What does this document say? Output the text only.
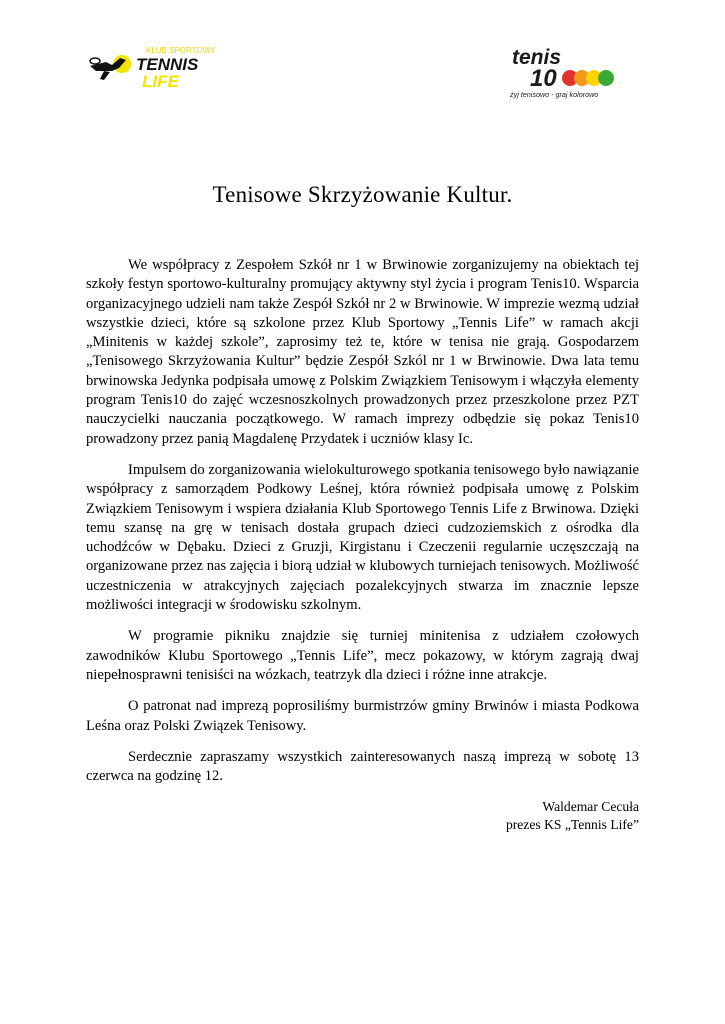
KLUB SPORTOWY
TENNIS
LIFE
tenis
10
żyj tenisowo - graj kolorowo
Tenisowe Skrzyżowanie Kultur.

We współpracy z Zespołem Szkół nr 1 w Brwinowie zorganizujemy na obiektach tej szkoły festyn sportowo-kulturalny promujący aktywny styl życia i program Tenis10. Wsparcia organizacyjnego udzieli nam także Zespół Szkół nr 2 w Brwinowie. W imprezie wezmą udział wszystkie dzieci, które są szkolone przez Klub Sportowy „Tennis Life” w ramach akcji „Minitenis w każdej szkole”, zaprosimy też te, które w tenisa nie grają. Gospodarzem „Tenisowego Skrzyżowania Kultur” będzie Zespół Szkól nr 1 w Brwinowie. Dwa lata temu brwinowska Jedynka podpisała umowę z Polskim Związkiem Tenisowym i włączyła elementy program Tenis10 do zajęć wczesnoszkolnych prowadzonych przez przeszkolone przez PZT nauczycielki nauczania początkowego. W ramach imprezy odbędzie się pokaz Tenis10 prowadzony przez panią Magdalenę Przydatek i uczniów klasy Ic.

Impulsem do zorganizowania wielokulturowego spotkania tenisowego było nawiązanie współpracy z samorządem Podkowy Leśnej, która również podpisała umowę z Polskim Związkiem Tenisowym i wspiera działania Klub Sportowego Tennis Life z Brwinowa. Dzięki temu szansę na grę w tenisach dostała grupach dzieci cudzoziemskich z ośrodka dla uchodźców w Dębaku. Dzieci z Gruzji, Kirgistanu i Czeczenii regularnie uczęszczają na organizowane przez nas zajęcia i biorą udział w klubowych turniejach tenisowych. Możliwość uczestniczenia w atrakcyjnych zajęciach pozalekcyjnych stwarza im znacznie lepsze możliwości integracji w środowisku szkolnym.

W programie pikniku znajdzie się turniej minitenisa z udziałem czołowych zawodników Klubu Sportowego „Tennis Life”, mecz pokazowy, w którym zagrają dwaj niepełnosprawni tenisiści na wózkach, teatrzyk dla dzieci i różne inne atrakcje.

O patronat nad imprezą poprosiliśmy burmistrzów gminy Brwinów i miasta Podkowa Leśna oraz Polski Związek Tenisowy.

Serdecznie zapraszamy wszystkich zainteresowanych naszą imprezą w sobotę 13 czerwca na godzinę 12.

Waldemar Cecuła
prezes KS „Tennis Life”
